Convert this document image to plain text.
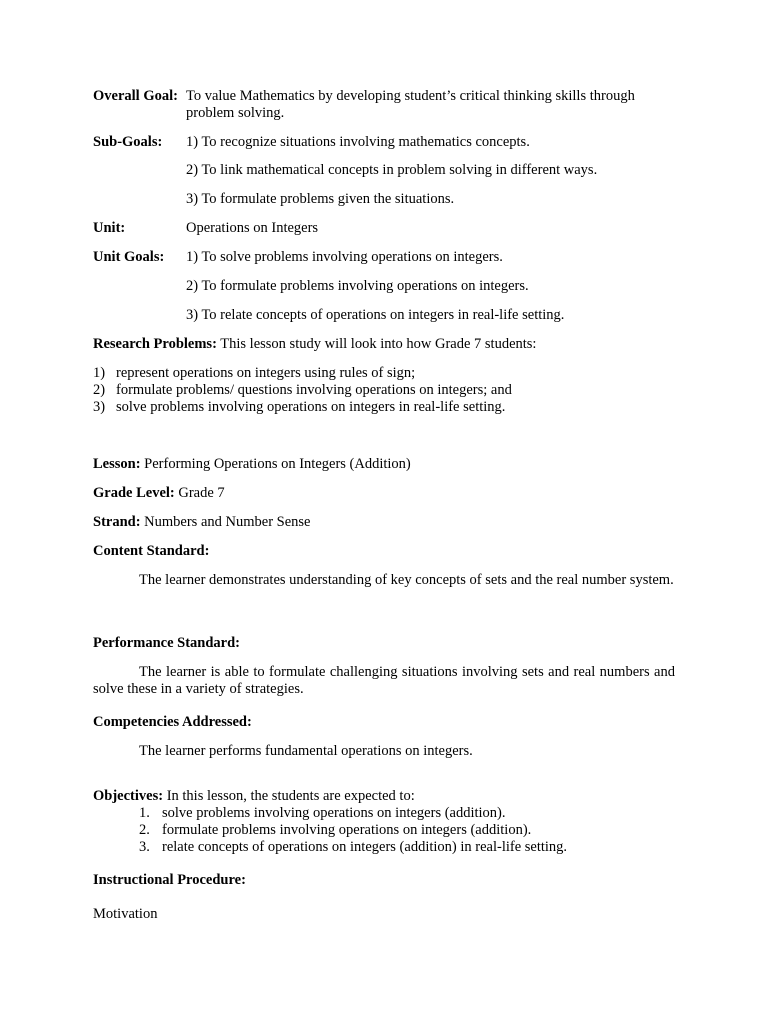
Overall Goal: To value Mathematics by developing student’s critical thinking skills through problem solving.
Sub-Goals:	1) To recognize situations involving mathematics concepts.
2) To link mathematical concepts in problem solving in different ways.
3) To formulate problems given the situations.
Unit:	Operations on Integers
Unit Goals:	1) To solve problems involving operations on integers.
2) To formulate problems involving operations on integers.
3) To relate concepts of operations on integers in real-life setting.
Research Problems: This lesson study will look into how Grade 7 students:
1) represent operations on integers using rules of sign;
2) formulate problems/ questions involving operations on integers; and
3) solve problems involving operations on integers in real-life setting.
Lesson: Performing Operations on Integers (Addition)
Grade Level: Grade 7
Strand: Numbers and Number Sense
Content Standard:
The learner demonstrates understanding of key concepts of sets and the real number system.
Performance Standard:
The learner is able to formulate challenging situations involving sets and real numbers and solve these in a variety of strategies.
Competencies Addressed:
The learner performs fundamental operations on integers.
Objectives: In this lesson, the students are expected to:
1. solve problems involving operations on integers (addition).
2. formulate problems involving operations on integers (addition).
3. relate concepts of operations on integers (addition) in real-life setting.
Instructional Procedure:
Motivation
